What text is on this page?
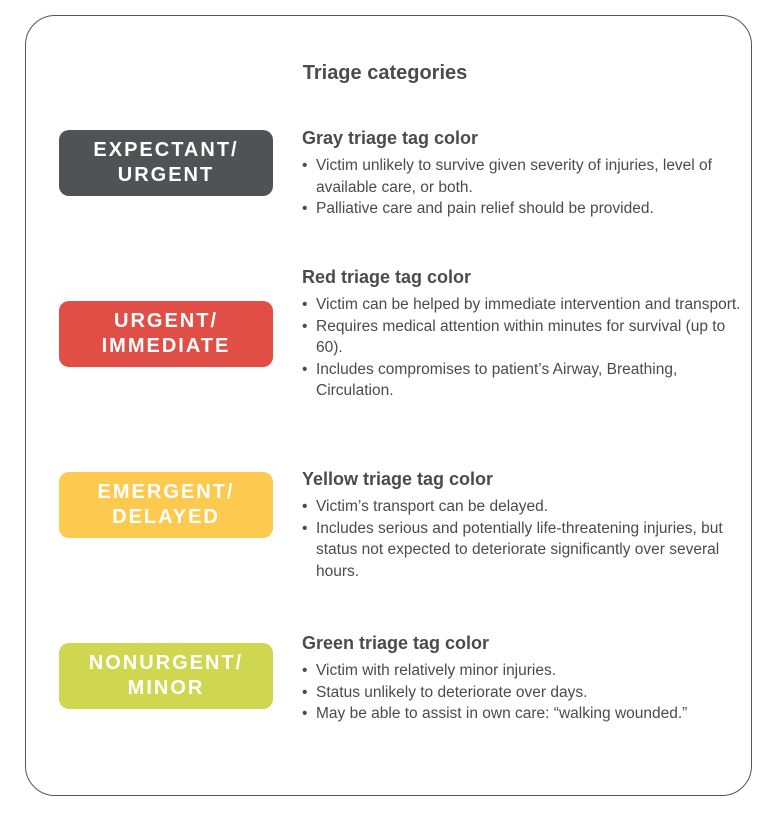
Triage categories
EXPECTANT/
URGENT
Gray triage tag color
• Victim unlikely to survive given severity of injuries, level of available care, or both.
• Palliative care and pain relief should be provided.
URGENT/
IMMEDIATE
Red triage tag color
• Victim can be helped by immediate intervention and transport.
• Requires medical attention within minutes for survival (up to 60).
• Includes compromises to patient’s Airway, Breathing, Circulation.
EMERGENT/
DELAYED
Yellow triage tag color
• Victim’s transport can be delayed.
• Includes serious and potentially life-threatening injuries, but status not expected to deteriorate significantly over several hours.
NONURGENT/
MINOR
Green triage tag color
• Victim with relatively minor injuries.
• Status unlikely to deteriorate over days.
• May be able to assist in own care: “walking wounded.”
